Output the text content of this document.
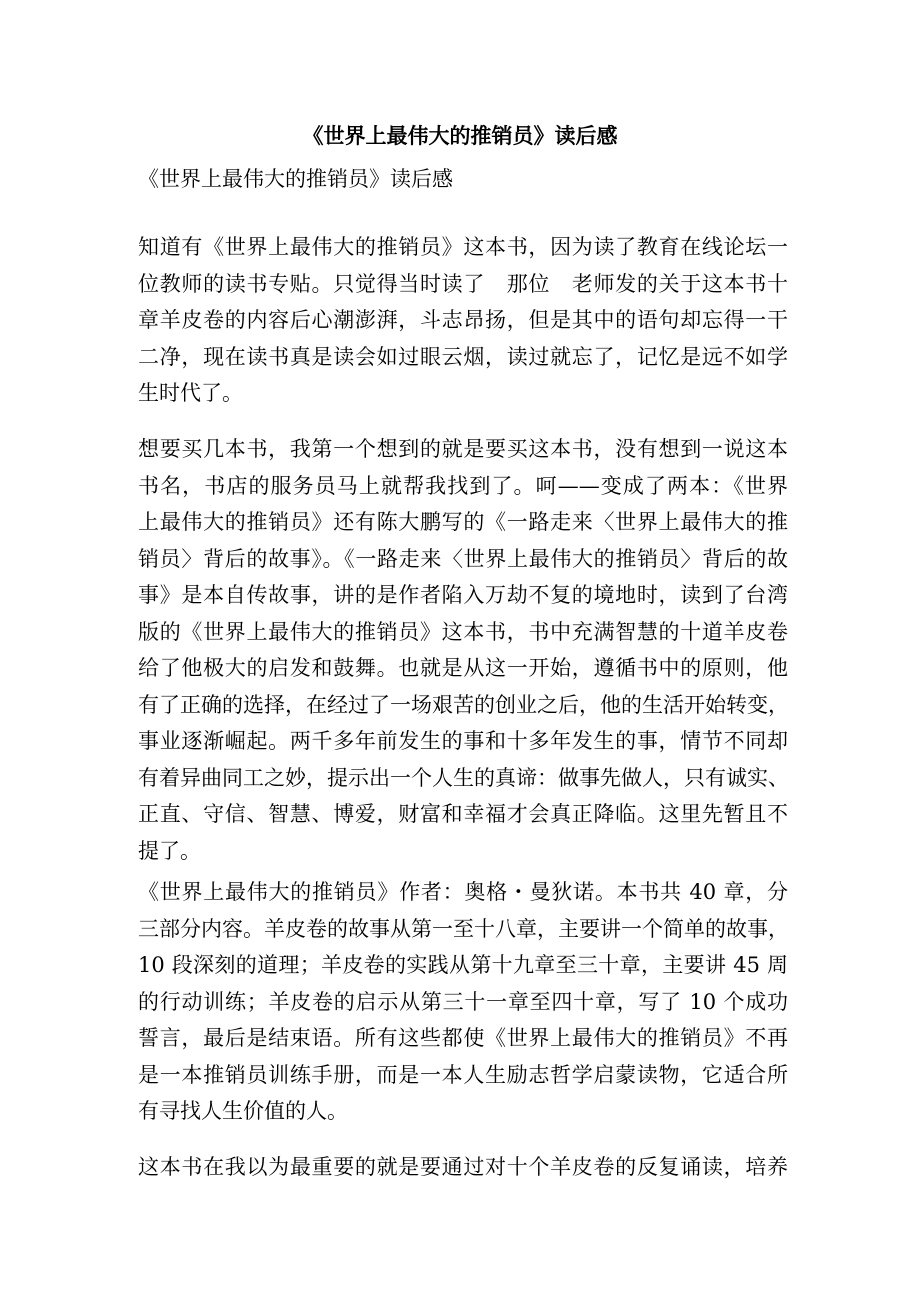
《世界上最伟大的推销员》读后感
《世界上最伟大的推销员》读后感
知道有《世界上最伟大的推销员》这本书，因为读了教育在线论坛一
位教师的读书专贴。只觉得当时读了　那位　老师发的关于这本书十
章羊皮卷的内容后心潮澎湃，斗志昂扬，但是其中的语句却忘得一干
二净，现在读书真是读会如过眼云烟，读过就忘了，记忆是远不如学
生时代了。
想要买几本书，我第一个想到的就是要买这本书，没有想到一说这本
书名，书店的服务员马上就帮我找到了。呵——变成了两本：《世界
上最伟大的推销员》还有陈大鹏写的《一路走来〈世界上最伟大的推
销员〉背后的故事》。《一路走来〈世界上最伟大的推销员〉背后的故
事》是本自传故事，讲的是作者陷入万劫不复的境地时，读到了台湾
版的《世界上最伟大的推销员》这本书，书中充满智慧的十道羊皮卷
给了他极大的启发和鼓舞。也就是从这一开始，遵循书中的原则，他
有了正确的选择，在经过了一场艰苦的创业之后，他的生活开始转变，
事业逐渐崛起。两千多年前发生的事和十多年发生的事，情节不同却
有着异曲同工之妙，提示出一个人生的真谛：做事先做人，只有诚实、
正直、守信、智慧、博爱，财富和幸福才会真正降临。这里先暂且不
提了。
《世界上最伟大的推销员》作者：奥格・曼狄诺。本书共 40 章，分
三部分内容。羊皮卷的故事从第一至十八章，主要讲一个简单的故事，
10 段深刻的道理；羊皮卷的实践从第十九章至三十章，主要讲 45 周
的行动训练；羊皮卷的启示从第三十一章至四十章，写了 10 个成功
誓言，最后是结束语。所有这些都使《世界上最伟大的推销员》不再
是一本推销员训练手册，而是一本人生励志哲学启蒙读物，它适合所
有寻找人生价值的人。
这本书在我以为最重要的就是要通过对十个羊皮卷的反复诵读，培养
